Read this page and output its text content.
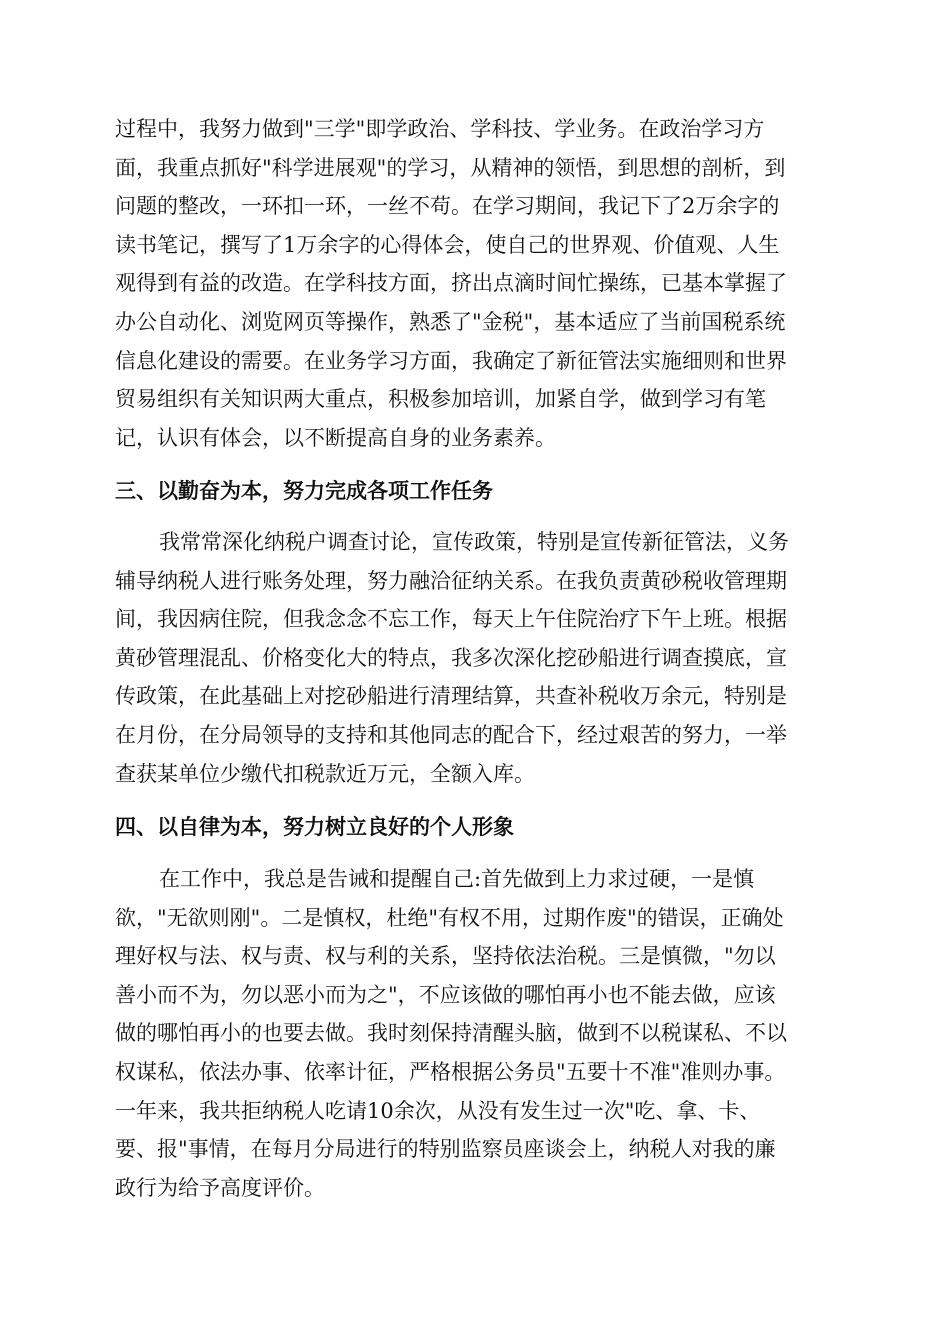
过程中，我努力做到"三学"即学政治、学科技、学业务。在政治学习方
面，我重点抓好"科学进展观"的学习，从精神的领悟，到思想的剖析，到
问题的整改，一环扣一环，一丝不苟。在学习期间，我记下了2万余字的
读书笔记，撰写了1万余字的心得体会，使自己的世界观、价值观、人生
观得到有益的改造。在学科技方面，挤出点滴时间忙操练，已基本掌握了
办公自动化、浏览网页等操作，熟悉了"金税"，基本适应了当前国税系统
信息化建设的需要。在业务学习方面，我确定了新征管法实施细则和世界
贸易组织有关知识两大重点，积极参加培训，加紧自学，做到学习有笔
记，认识有体会，以不断提高自身的业务素养。
三、以勤奋为本，努力完成各项工作任务
我常常深化纳税户调查讨论，宣传政策，特别是宣传新征管法，义务
辅导纳税人进行账务处理，努力融洽征纳关系。在我负责黄砂税收管理期
间，我因病住院，但我念念不忘工作，每天上午住院治疗下午上班。根据
黄砂管理混乱、价格变化大的特点，我多次深化挖砂船进行调查摸底，宣
传政策，在此基础上对挖砂船进行清理结算，共查补税收万余元，特别是
在月份，在分局领导的支持和其他同志的配合下，经过艰苦的努力，一举
查获某单位少缴代扣税款近万元，全额入库。
四、以自律为本，努力树立良好的个人形象
在工作中，我总是告诫和提醒自己:首先做到上力求过硬，一是慎
欲，"无欲则刚"。二是慎权，杜绝"有权不用，过期作废"的错误，正确处
理好权与法、权与责、权与利的关系，坚持依法治税。三是慎微，"勿以
善小而不为，勿以恶小而为之"，不应该做的哪怕再小也不能去做，应该
做的哪怕再小的也要去做。我时刻保持清醒头脑，做到不以税谋私、不以
权谋私，依法办事、依率计征，严格根据公务员"五要十不准"准则办事。
一年来，我共拒纳税人吃请10余次，从没有发生过一次"吃、拿、卡、
要、报"事情，在每月分局进行的特别监察员座谈会上，纳税人对我的廉
政行为给予高度评价。
